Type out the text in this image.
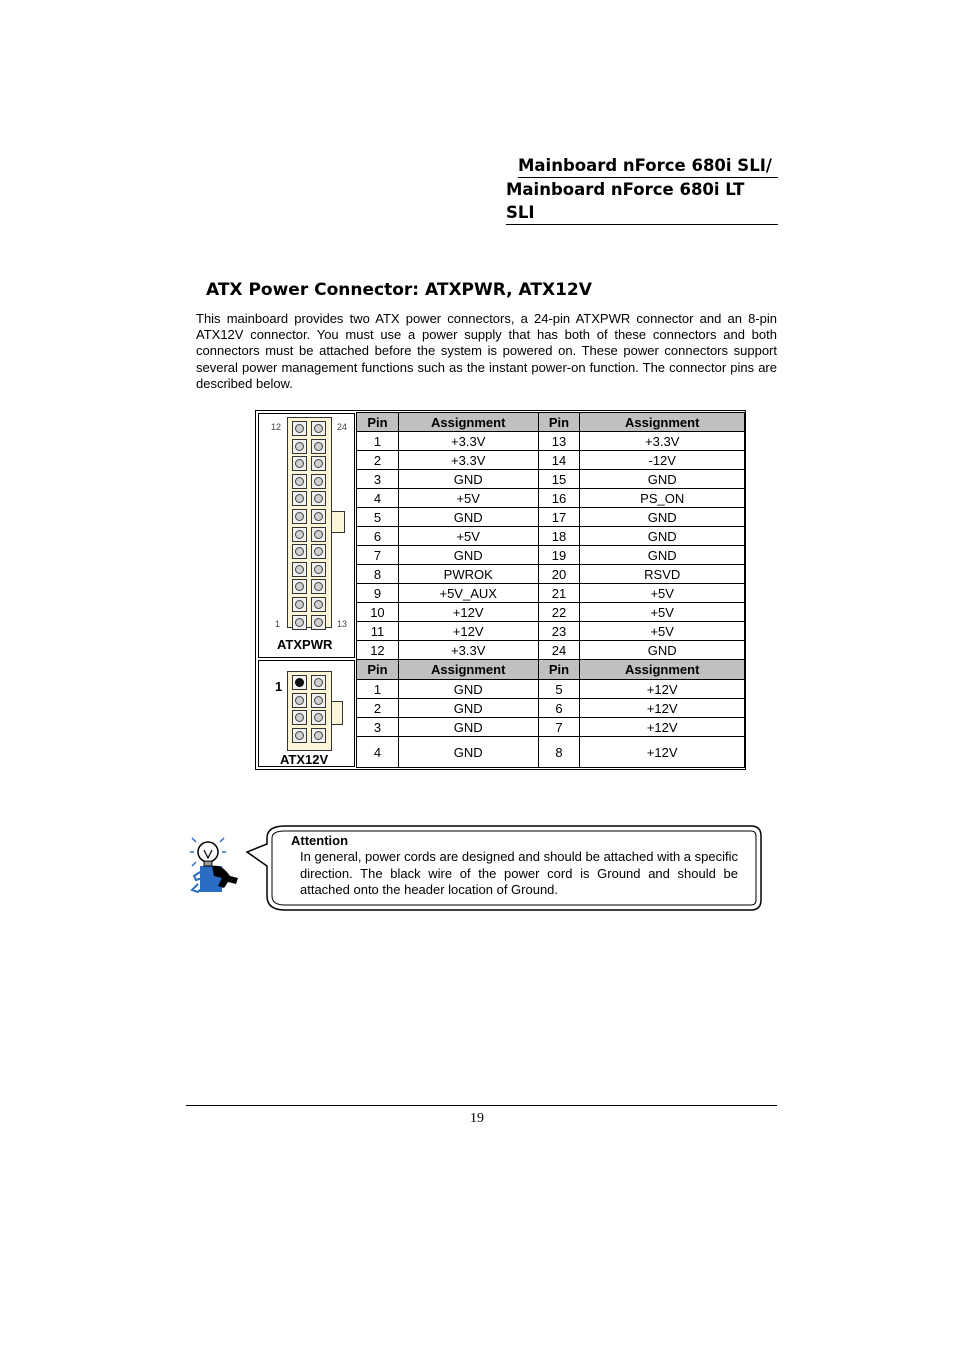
Mainboard nForce 680i SLI/
Mainboard nForce 680i LT SLI
ATX Power Connector: ATXPWR, ATX12V
This mainboard provides two ATX power connectors, a 24-pin ATXPWR connector and an 8-pin ATX12V connector. You must use a power supply that has both of these connectors and both connectors must be attached before the system is powered on. These power connectors support several power management functions such as the instant power-on function. The connector pins are described below.
12	24
1	13
ATXPWR
Pin	Assignment	Pin	Assignment
1	+3.3V	13	+3.3V
2	+3.3V	14	-12V
3	GND	15	GND
4	+5V	16	PS_ON
5	GND	17	GND
6	+5V	18	GND
7	GND	19	GND
8	PWROK	20	RSVD
9	+5V_AUX	21	+5V
10	+12V	22	+5V
11	+12V	23	+5V
12	+3.3V	24	GND
1
ATX12V
Pin	Assignment	Pin	Assignment
1	GND	5	+12V
2	GND	6	+12V
3	GND	7	+12V
4	GND	8	+12V
Attention
In general, power cords are designed and should be attached with a specific direction. The black wire of the power cord is Ground and should be attached onto the header location of Ground.
19
